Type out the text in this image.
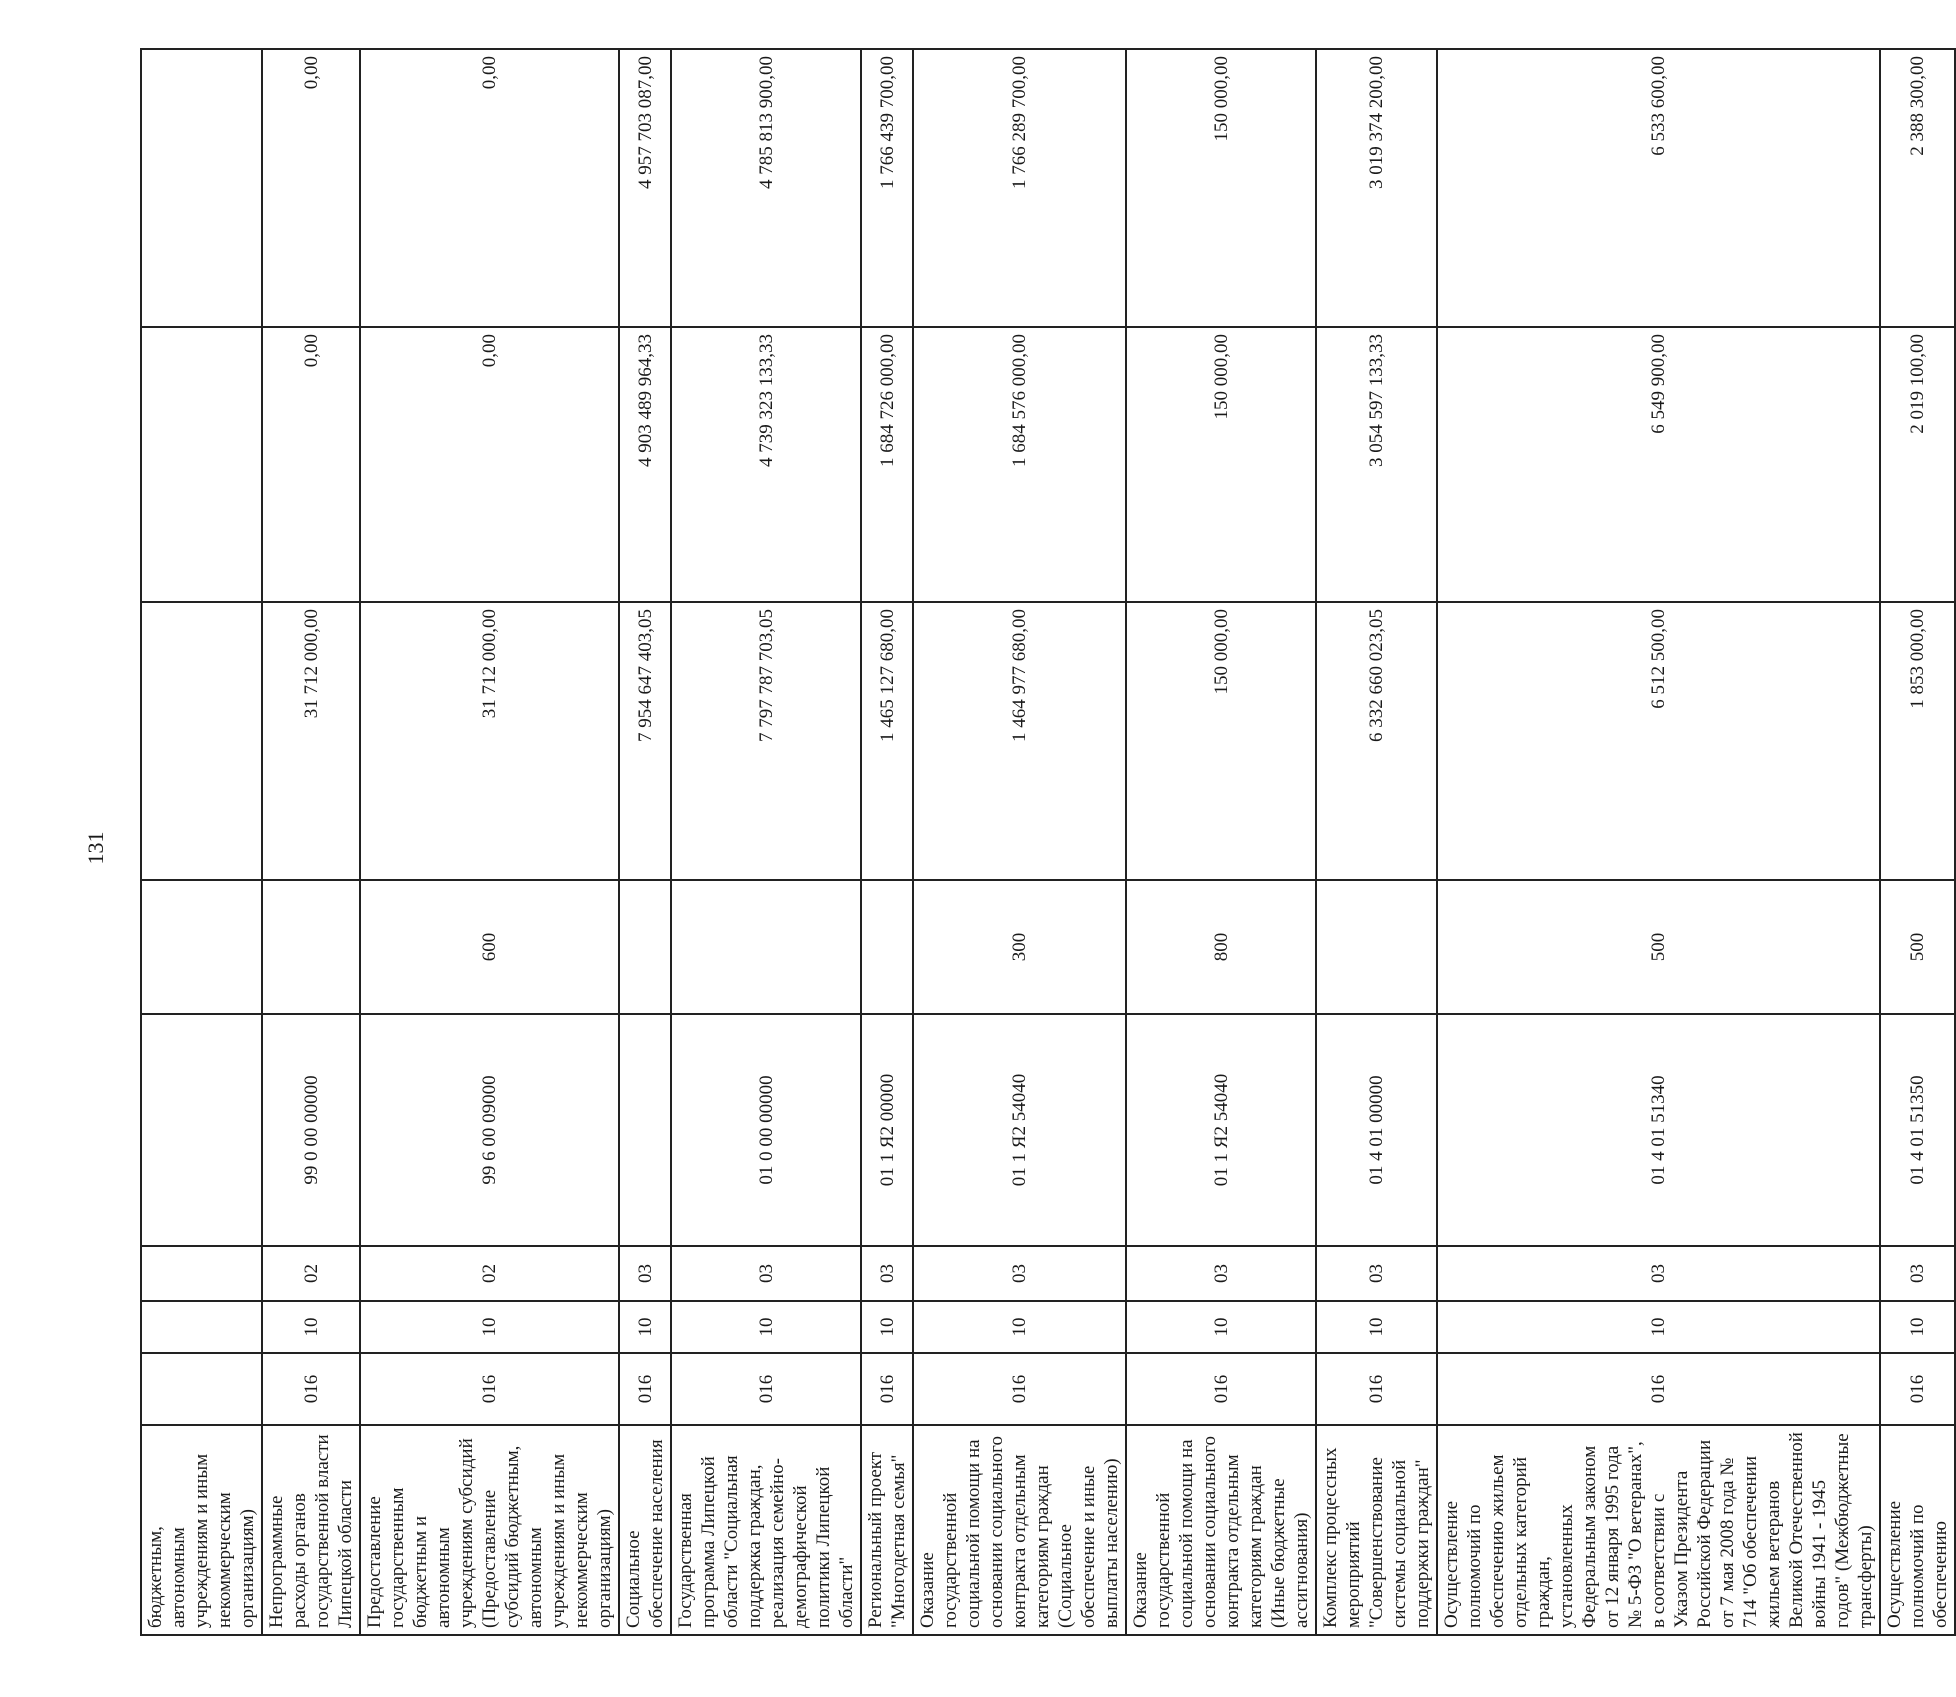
131
бюджетным, автономным учреждениям и иным некоммерческим организациям)								
Непрограммные расходы органов государственной власти Липецкой области	016	10	02	99 0 00 00000		31 712 000,00	0,00	0,00
Предоставление государственным бюджетным и автономным учреждениям субсидий (Предоставление субсидий бюджетным, автономным учреждениям и иным некоммерческим организациям)	016	10	02	99 6 00 09000	600	31 712 000,00	0,00	0,00
Социальное обеспечение населения	016	10	03			7 954 647 403,05	4 903 489 964,33	4 957 703 087,00
Государственная программа Липецкой области "Социальная поддержка граждан, реализация семейно-демографической политики Липецкой области"	016	10	03	01 0 00 00000		7 797 787 703,05	4 739 323 133,33	4 785 813 900,00
Региональный проект "Многодетная семья"	016	10	03	01 1 Я2 00000		1 465 127 680,00	1 684 726 000,00	1 766 439 700,00
Оказание государственной социальной помощи на основании социального контракта отдельным категориям граждан (Социальное обеспечение и иные выплаты населению)	016	10	03	01 1 Я2 54040	300	1 464 977 680,00	1 684 576 000,00	1 766 289 700,00
Оказание государственной социальной помощи на основании социального контракта отдельным категориям граждан (Иные бюджетные ассигнования)	016	10	03	01 1 Я2 54040	800	150 000,00	150 000,00	150 000,00
Комплекс процессных мероприятий "Совершенствование системы социальной поддержки граждан"	016	10	03	01 4 01 00000		6 332 660 023,05	3 054 597 133,33	3 019 374 200,00
Осуществление полномочий по обеспечению жильем отдельных категорий граждан, установленных Федеральным законом от 12 января 1995 года № 5-ФЗ "О ветеранах", в соответствии с Указом Президента Российской Федерации от 7 мая 2008 года № 714 "Об обеспечении жильем ветеранов Великой Отечественной войны 1941 - 1945 годов" (Межбюджетные трансферты)	016	10	03	01 4 01 51340	500	6 512 500,00	6 549 900,00	6 533 600,00
Осуществление полномочий по обеспечению	016	10	03	01 4 01 51350	500	1 853 000,00	2 019 100,00	2 388 300,00
